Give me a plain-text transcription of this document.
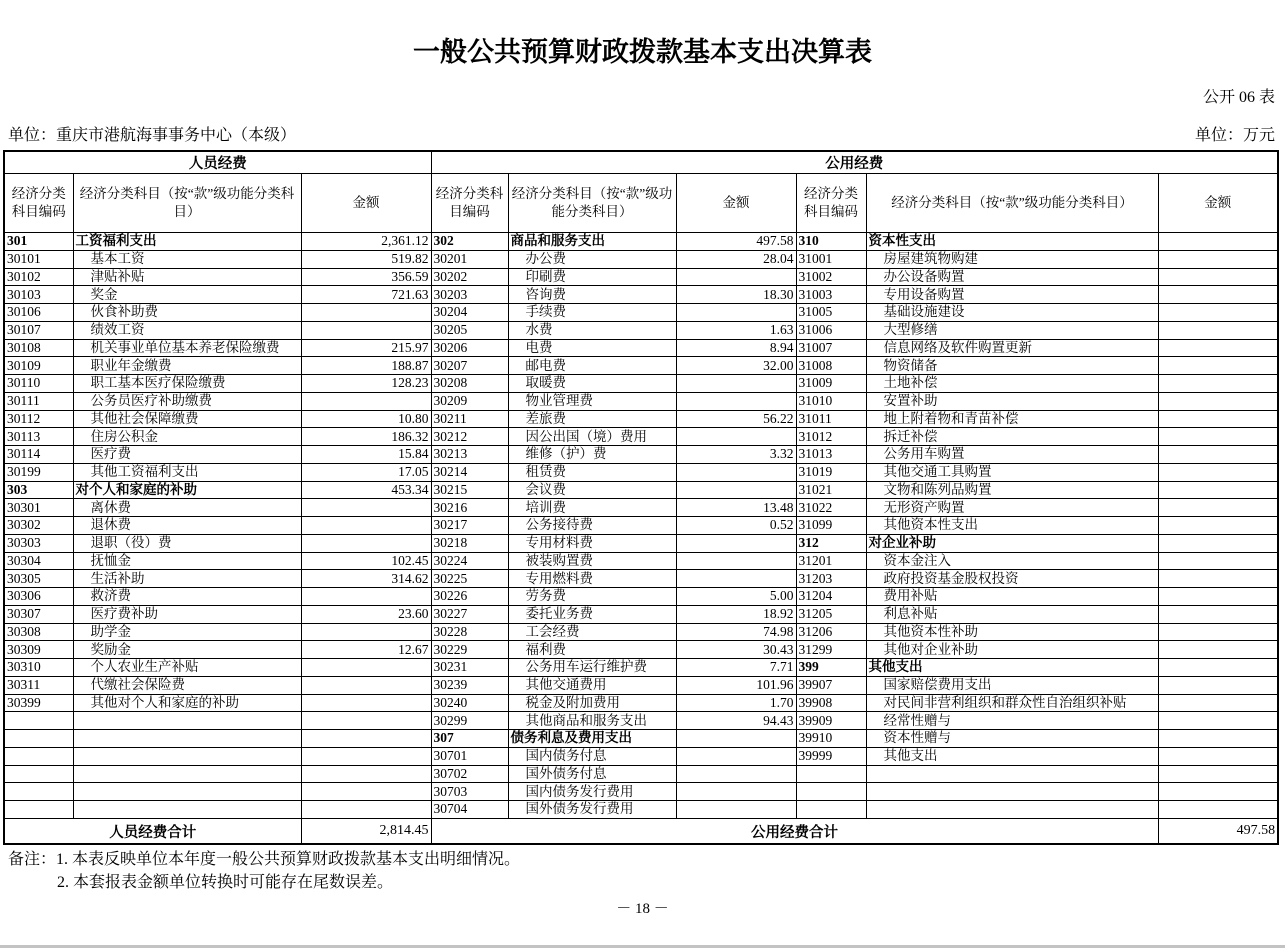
一般公共预算财政拨款基本支出决算表
公开 06 表
单位：重庆市港航海事事务中心（本级）	单位：万元
人员经费			公用经费					
经济分类科目编码	经济分类科目（按“款”级功能分类科目）	金额	经济分类科目编码	经济分类科目（按“款”级功能分类科目）	金额	经济分类科目编码	经济分类科目（按“款”级功能分类科目）	金额
301	工资福利支出	2,361.12	302	商品和服务支出	497.58	310	资本性支出	
30101	基本工资	519.82	30201	办公费	28.04	31001	房屋建筑物购建	
30102	津贴补贴	356.59	30202	印刷费		31002	办公设备购置	
30103	奖金	721.63	30203	咨询费	18.30	31003	专用设备购置	
30106	伙食补助费		30204	手续费		31005	基础设施建设	
30107	绩效工资		30205	水费	1.63	31006	大型修缮	
30108	机关事业单位基本养老保险缴费	215.97	30206	电费	8.94	31007	信息网络及软件购置更新	
30109	职业年金缴费	188.87	30207	邮电费	32.00	31008	物资储备	
30110	职工基本医疗保险缴费	128.23	30208	取暖费		31009	土地补偿	
30111	公务员医疗补助缴费		30209	物业管理费		31010	安置补助	
30112	其他社会保障缴费	10.80	30211	差旅费	56.22	31011	地上附着物和青苗补偿	
30113	住房公积金	186.32	30212	因公出国（境）费用		31012	拆迁补偿	
30114	医疗费	15.84	30213	维修（护）费	3.32	31013	公务用车购置	
30199	其他工资福利支出	17.05	30214	租赁费		31019	其他交通工具购置	
303	对个人和家庭的补助	453.34	30215	会议费		31021	文物和陈列品购置	
30301	离休费		30216	培训费	13.48	31022	无形资产购置	
30302	退休费		30217	公务接待费	0.52	31099	其他资本性支出	
30303	退职（役）费		30218	专用材料费		312	对企业补助	
30304	抚恤金	102.45	30224	被装购置费		31201	资本金注入	
30305	生活补助	314.62	30225	专用燃料费		31203	政府投资基金股权投资	
30306	救济费		30226	劳务费	5.00	31204	费用补贴	
30307	医疗费补助	23.60	30227	委托业务费	18.92	31205	利息补贴	
30308	助学金		30228	工会经费	74.98	31206	其他资本性补助	
30309	奖励金	12.67	30229	福利费	30.43	31299	其他对企业补助	
30310	个人农业生产补贴		30231	公务用车运行维护费	7.71	399	其他支出	
30311	代缴社会保险费		30239	其他交通费用	101.96	39907	国家赔偿费用支出	
30399	其他对个人和家庭的补助		30240	税金及附加费用	1.70	39908	对民间非营利组织和群众性自治组织补贴	
			30299	其他商品和服务支出	94.43	39909	经常性赠与	
			307	债务利息及费用支出		39910	资本性赠与	
			30701	国内债务付息		39999	其他支出	
			30702	国外债务付息				
			30703	国内债务发行费用				
			30704	国外债务发行费用				
人员经费合计		2,814.45	公用经费合计					497.58
备注：1. 本表反映单位本年度一般公共预算财政拨款基本支出明细情况。
2. 本套报表金额单位转换时可能存在尾数误差。
－ 18 －
